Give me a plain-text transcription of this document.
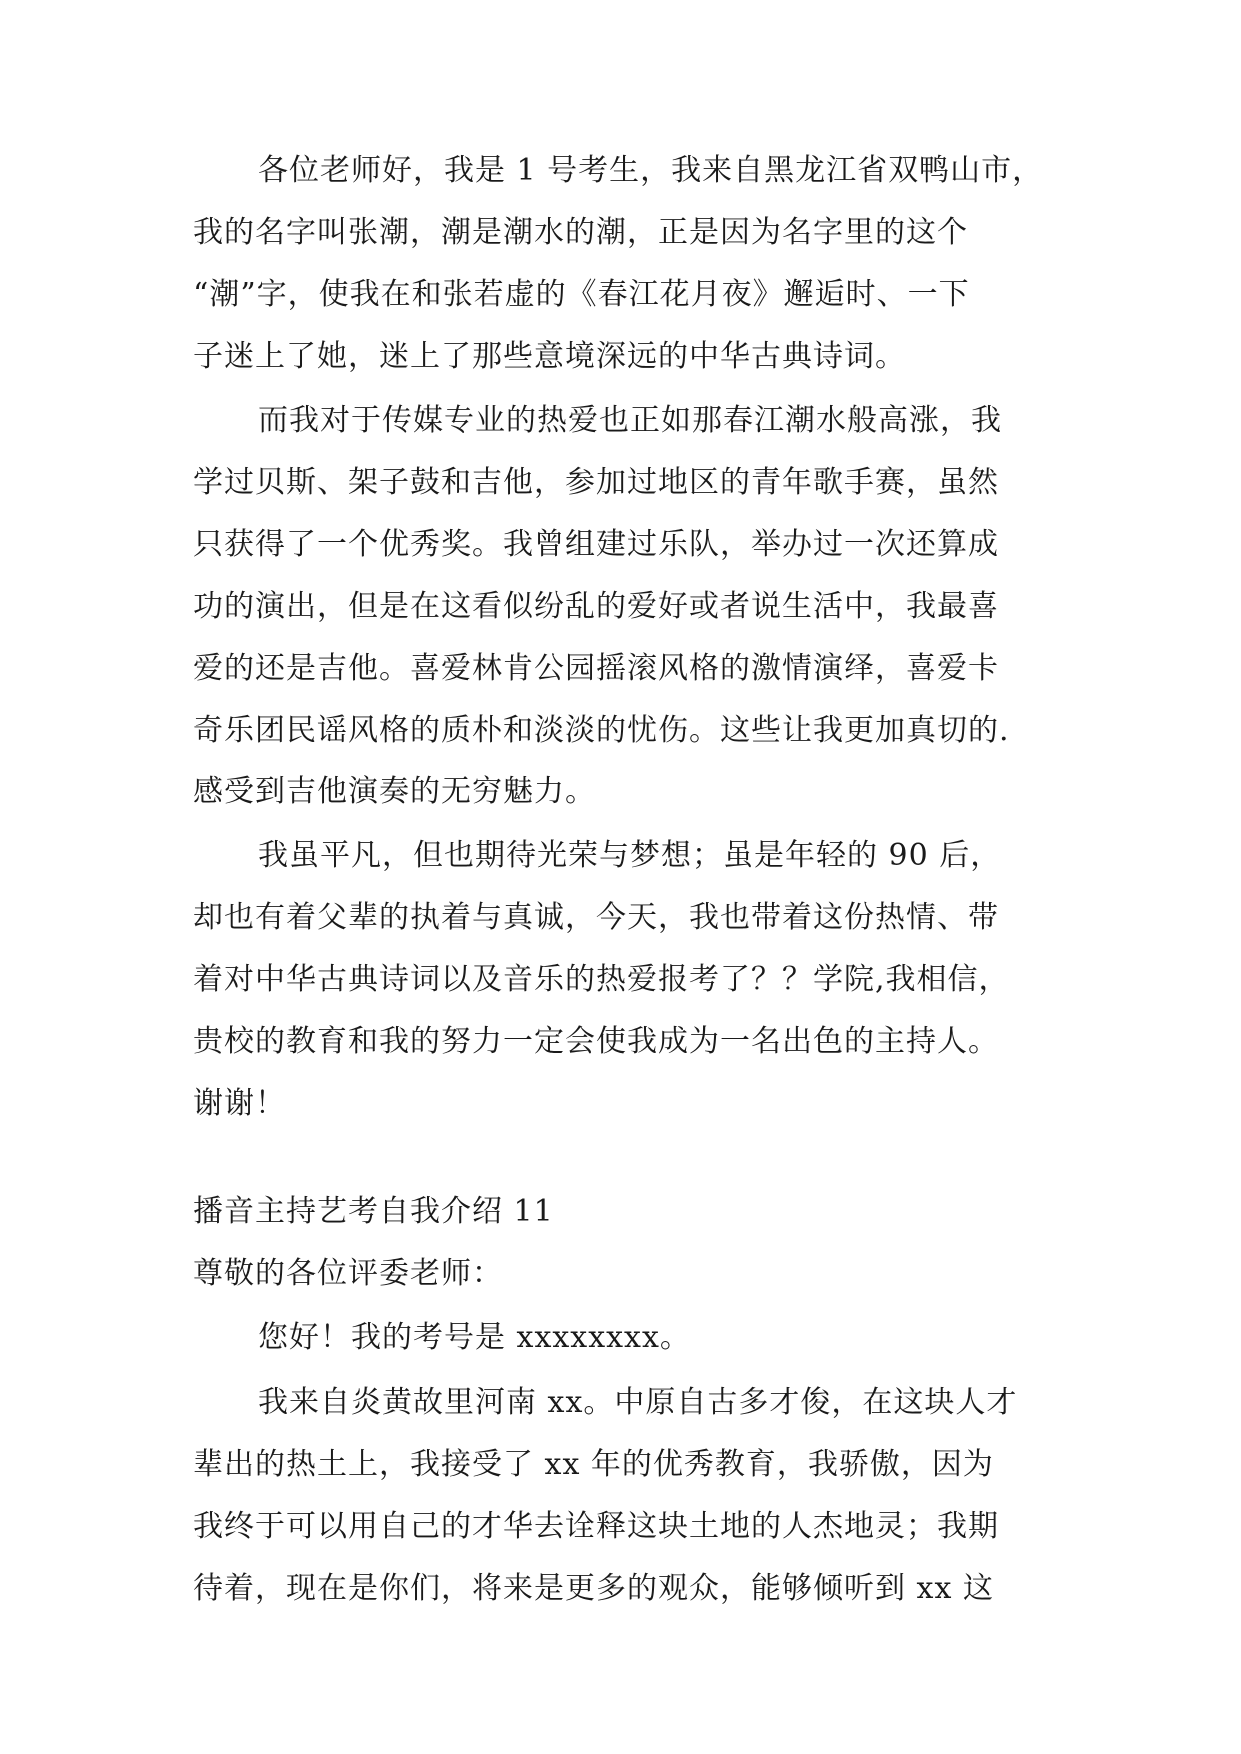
各位老师好，我是 1 号考生，我来自黑龙江省双鸭山市，
我的名字叫张潮，潮是潮水的潮，正是因为名字里的这个
“潮”字，使我在和张若虚的《春江花月夜》邂逅时、一下
子迷上了她，迷上了那些意境深远的中华古典诗词。
而我对于传媒专业的热爱也正如那春江潮水般高涨，我
学过贝斯、架子鼓和吉他，参加过地区的青年歌手赛，虽然
只获得了一个优秀奖。我曾组建过乐队，举办过一次还算成
功的演出，但是在这看似纷乱的爱好或者说生活中，我最喜
爱的还是吉他。喜爱林肯公园摇滚风格的激情演绎，喜爱卡
奇乐团民谣风格的质朴和淡淡的忧伤。这些让我更加真切的.
感受到吉他演奏的无穷魅力。
我虽平凡，但也期待光荣与梦想；虽是年轻的 90 后，
却也有着父辈的执着与真诚，今天，我也带着这份热情、带
着对中华古典诗词以及音乐的热爱报考了？？学院,我相信，
贵校的教育和我的努力一定会使我成为一名出色的主持人。
谢谢！
播音主持艺考自我介绍 11
尊敬的各位评委老师：
您好！我的考号是 xxxxxxxx。
我来自炎黄故里河南 xx。中原自古多才俊，在这块人才
辈出的热土上，我接受了 xx 年的优秀教育，我骄傲，因为
我终于可以用自己的才华去诠释这块土地的人杰地灵；我期
待着，现在是你们，将来是更多的观众，能够倾听到 xx 这
